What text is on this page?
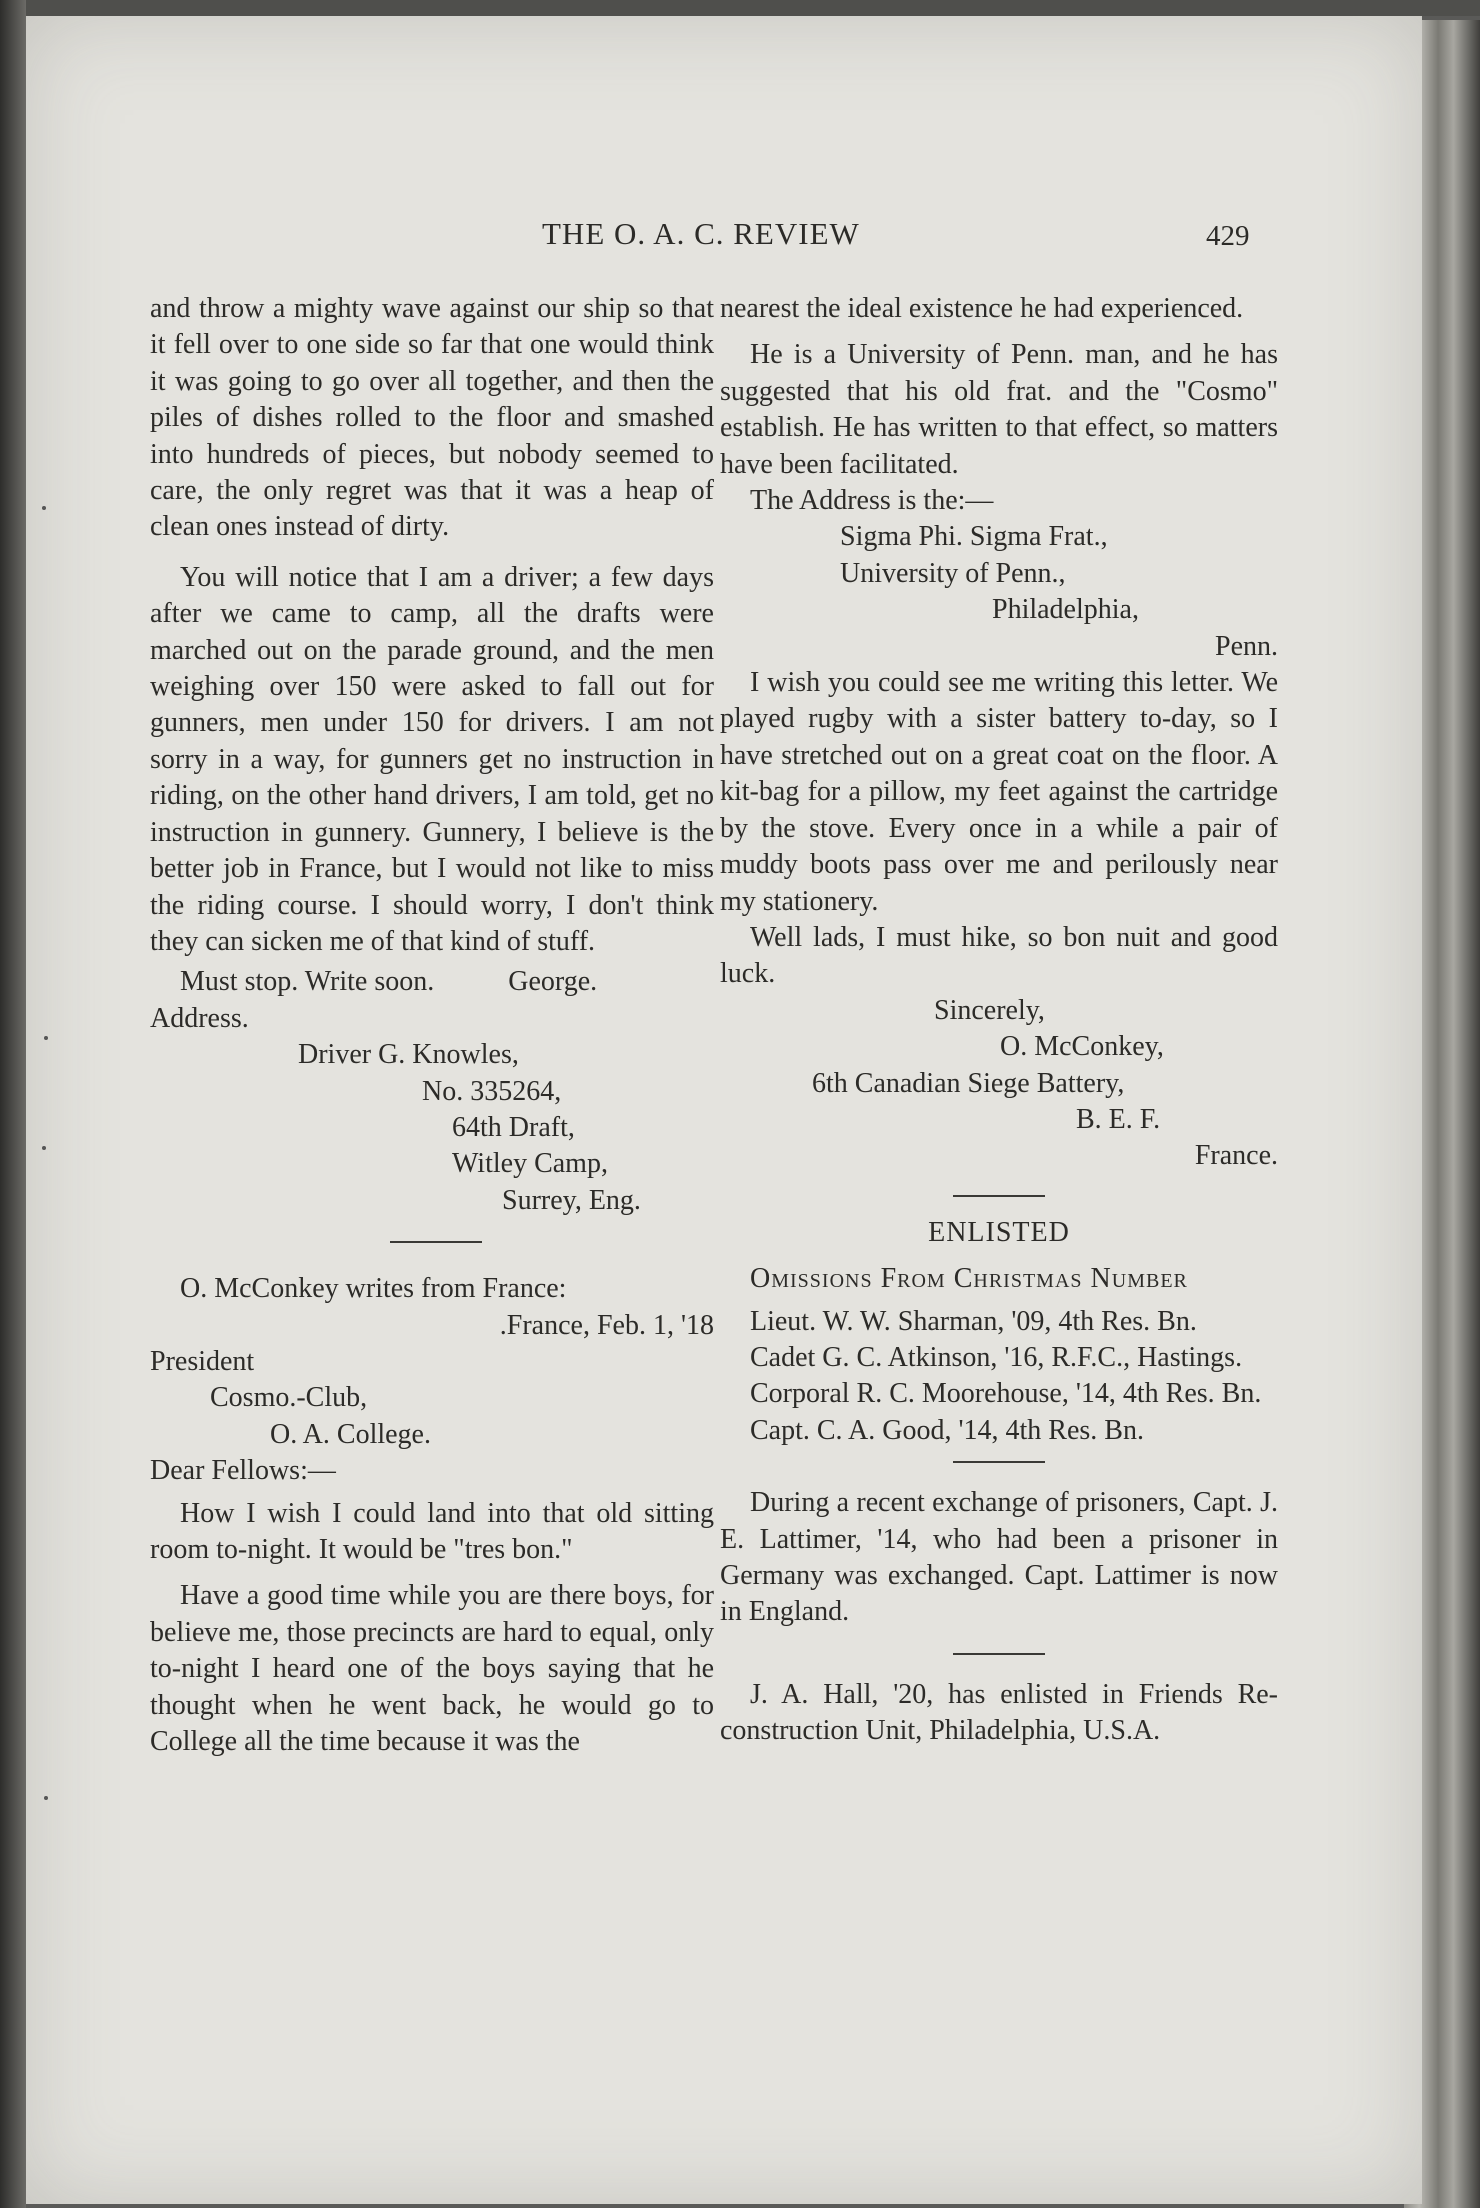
THE O. A. C. REVIEW	429

and throw a mighty wave against our ship so that it fell over to one side so far that one would think it was going to go over all together, and then the piles of dishes rolled to the floor and smashed into hundreds of pieces, but nobody seemed to care, the only regret was that it was a heap of clean ones instead of dirty.

You will notice that I am a driver; a few days after we came to camp, all the drafts were marched out on the parade ground, and the men weighing over 150 were asked to fall out for gunners, men under 150 for drivers. I am not sorry in a way, for gunners get no instruction in riding, on the other hand drivers, I am told, get no instruction in gunnery. Gunnery, I believe is the better job in France, but I would not like to miss the riding course. I should worry, I don't think they can sicken me of that kind of stuff.

Must stop. Write soon.	George.

Address.

Driver G. Knowles,
No. 335264,
64th Draft,
Witley Camp,
Surrey, Eng.

O. McConkey writes from France:

.France, Feb. 1, '18
President
Cosmo.-Club,
O. A. College.
Dear Fellows:—

How I wish I could land into that old sitting room to-night. It would be "tres bon."

Have a good time while you are there boys, for believe me, those precincts are hard to equal, only to-night I heard one of the boys saying that he thought when he went back, he would go to College all the time because it was the

nearest the ideal existence he had experienced.

He is a University of Penn. man, and he has suggested that his old frat. and the "Cosmo" establish. He has written to that effect, so matters have been facilitated.

The Address is the:—

Sigma Phi. Sigma Frat.,
University of Penn.,
Philadelphia,
Penn.

I wish you could see me writing this letter. We played rugby with a sister battery to-day, so I have stretched out on a great coat on the floor. A kit-bag for a pillow, my feet against the cartridge by the stove. Every once in a while a pair of muddy boots pass over me and perilously near my stationery.

Well lads, I must hike, so bon nuit and good luck.

Sincerely,
O. McConkey,
6th Canadian Siege Battery,
B. E. F.
France.
ENLISTED

Omissions From Christmas Number

Lieut. W. W. Sharman, '09, 4th Res. Bn.

Cadet G. C. Atkinson, '16, R.F.C., Hastings.

Corporal R. C. Moorehouse, '14, 4th Res. Bn.

Capt. C. A. Good, '14, 4th Res. Bn.

During a recent exchange of prisoners, Capt. J. E. Lattimer, '14, who had been a prisoner in Germany was exchanged. Capt. Lattimer is now in England.

J. A. Hall, '20, has enlisted in Friends Re-construction Unit, Philadelphia, U.S.A.
